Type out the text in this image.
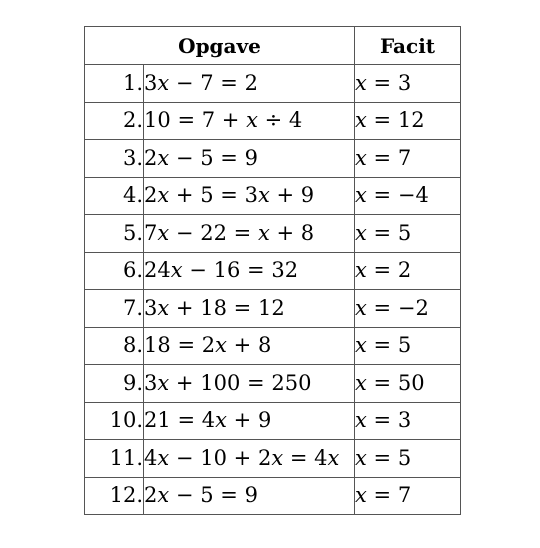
Opgave		Facit
1.	3x − 7 = 2	x = 3
2.	10 = 7 + x ÷ 4	x = 12
3.	2x − 5 = 9	x = 7
4.	2x + 5 = 3x + 9	x = −4
5.	7x − 22 = x + 8	x = 5
6.	24x − 16 = 32	x = 2
7.	3x + 18 = 12	x = −2
8.	18 = 2x + 8	x = 5
9.	3x + 100 = 250	x = 50
10.	21 = 4x + 9	x = 3
11.	4x − 10 + 2x = 4x	x = 5
12.	2x − 5 = 9	x = 7
